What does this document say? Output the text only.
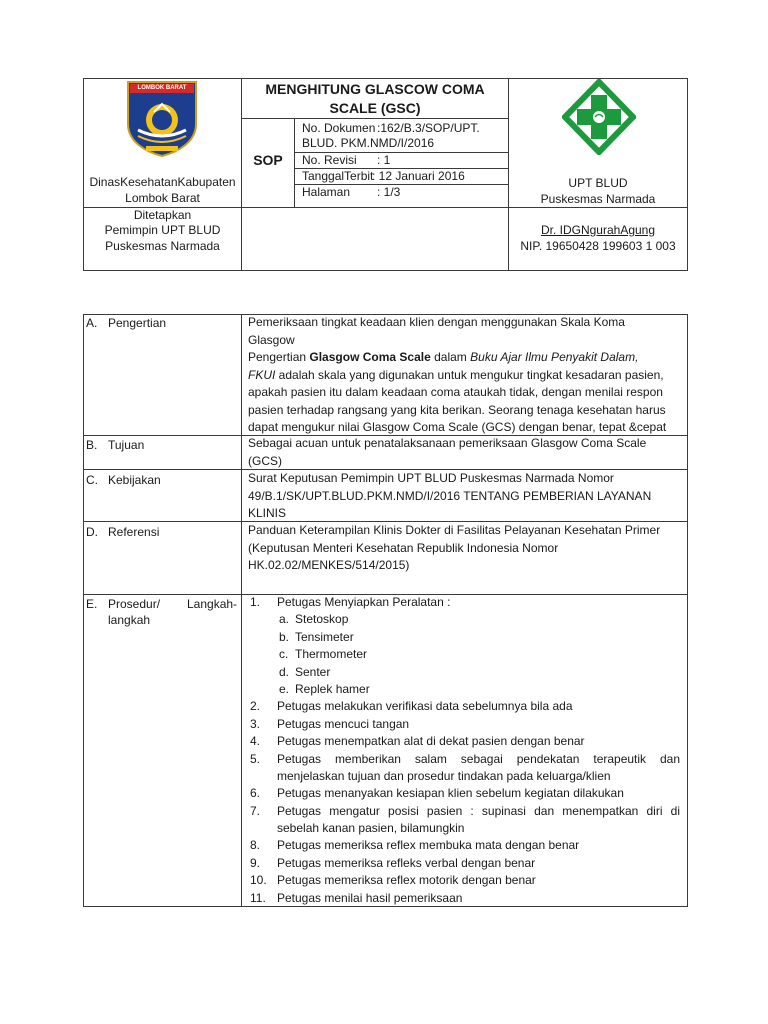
LOMBOK BARAT
DinasKesehatanKabupaten
Lombok Barat
MENGHITUNG GLASCOW COMA
SCALE (GSC)
SOP
No. Dokumen :162/B.3/SOP/UPT.
BLUD. PKM.NMD/I/2016
No. Revisi : 1
TanggalTerbit
: 12 Januari 2016
Halaman : 1/3
UPT BLUD
Puskesmas Narmada
Ditetapkan
Pemimpin UPT BLUD
Puskesmas Narmada
Dr. IDGNgurahAgung
NIP. 19650428 199603 1 003
A. Pengertian	Pemeriksaan tingkat keadaan klien dengan menggunakan Skala Koma
Glasgow
Pengertian Glasgow Coma Scale dalam Buku Ajar Ilmu Penyakit Dalam,
FKUI adalah skala yang digunakan untuk mengukur tingkat kesadaran pasien,
apakah pasien itu dalam keadaan coma ataukah tidak, dengan menilai respon
pasien terhadap rangsang yang kita berikan. Seorang tenaga kesehatan harus
dapat mengukur nilai Glasgow Coma Scale (GCS) dengan benar, tepat &cepat
B. Tujuan	Sebagai acuan untuk penatalaksanaan pemeriksaan Glasgow Coma Scale
(GCS)
C. Kebijakan	Surat Keputusan Pemimpin UPT BLUD Puskesmas Narmada Nomor
49/B.1/SK/UPT.BLUD.PKM.NMD/I/2016 TENTANG PEMBERIAN LAYANAN
KLINIS
D. Referensi	Panduan Keterampilan Klinis Dokter di Fasilitas Pelayanan Kesehatan Primer
(Keputusan Menteri Kesehatan Republik Indonesia Nomor
HK.02.02/MENKES/514/2015)
E. Prosedur/ Langkah-
langkah
1. Petugas Menyiapkan Peralatan :
a. Stetoskop
b. Tensimeter
c. Thermometer
d. Senter
e. Replek hamer
2. Petugas melakukan verifikasi data sebelumnya bila ada
3. Petugas mencuci tangan
4. Petugas menempatkan alat di dekat pasien dengan benar
5. Petugas memberikan salam sebagai pendekatan terapeutik dan
menjelaskan tujuan dan prosedur tindakan pada keluarga/klien
6. Petugas menanyakan kesiapan klien sebelum kegiatan dilakukan
7. Petugas mengatur posisi pasien : supinasi dan menempatkan diri di
sebelah kanan pasien, bilamungkin
8. Petugas memeriksa reflex membuka mata dengan benar
9. Petugas memeriksa refleks verbal dengan benar
10. Petugas memeriksa reflex motorik dengan benar
11. Petugas menilai hasil pemeriksaan
